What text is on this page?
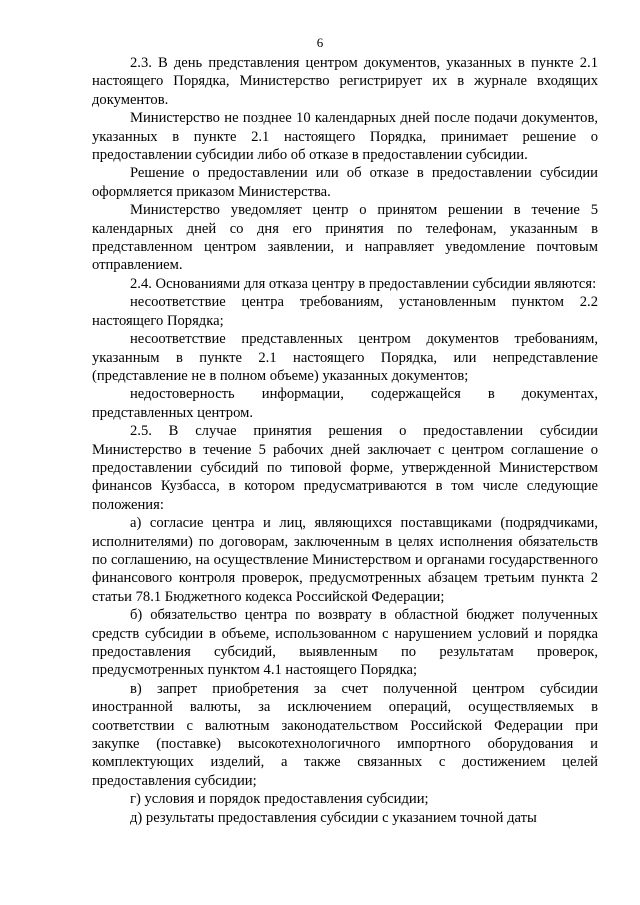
6

2.3. В день представления центром документов, указанных в пункте 2.1 настоящего Порядка, Министерство регистрирует их в журнале входящих документов.

Министерство не позднее 10 календарных дней после подачи документов, указанных в пункте 2.1 настоящего Порядка, принимает решение о предоставлении субсидии либо об отказе в предоставлении субсидии.

Решение о предоставлении или об отказе в предоставлении субсидии оформляется приказом Министерства.

Министерство уведомляет центр о принятом решении в течение 5 календарных дней со дня его принятия по телефонам, указанным в представленном центром заявлении, и направляет уведомление почтовым отправлением.

2.4. Основаниями для отказа центру в предоставлении субсидии являются:

несоответствие центра требованиям, установленным пунктом 2.2 настоящего Порядка;

несоответствие представленных центром документов требованиям, указанным в пункте 2.1 настоящего Порядка, или непредставление (представление не в полном объеме) указанных документов;

недостоверность информации, содержащейся в документах, представленных центром.

2.5. В случае принятия решения о предоставлении субсидии Министерство в течение 5 рабочих дней заключает с центром соглашение о предоставлении субсидий по типовой форме, утвержденной Министерством финансов Кузбасса, в котором предусматриваются в том числе следующие положения:

а) согласие центра и лиц, являющихся поставщиками (подрядчиками, исполнителями) по договорам, заключенным в целях исполнения обязательств по соглашению, на осуществление Министерством и органами государственного финансового контроля проверок, предусмотренных абзацем третьим пункта 2 статьи 78.1 Бюджетного кодекса Российской Федерации;

б) обязательство центра по возврату в областной бюджет полученных средств субсидии в объеме, использованном с нарушением условий и порядка предоставления субсидий, выявленным по результатам проверок, предусмотренных пунктом 4.1 настоящего Порядка;

в) запрет приобретения за счет полученной центром субсидии иностранной валюты, за исключением операций, осуществляемых в соответствии с валютным законодательством Российской Федерации при закупке (поставке) высокотехнологичного импортного оборудования и комплектующих изделий, а также связанных с достижением целей предоставления субсидии;

г) условия и порядок предоставления субсидии;

д) результаты предоставления субсидии с указанием точной даты
